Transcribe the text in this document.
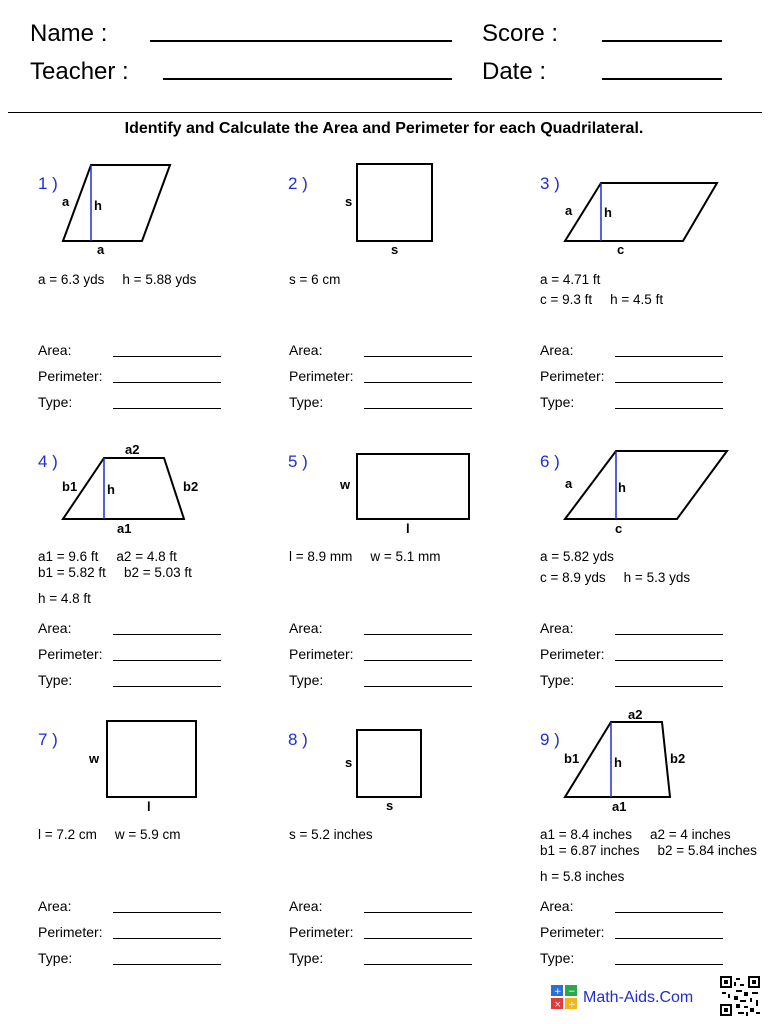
Name :
Teacher :
Score :
Date :
Identify and Calculate the Area and Perimeter for each Quadrilateral.
1 )
a h
a
a = 6.3 yds h = 5.88 yds
2 )
s
s
s = 6 cm
3 )
a h
c
a = 4.71 ft
c = 9.3 ft h = 4.5 ft
4 )
a2
b1 h	b2
a1
a1 = 9.6 ft a2 = 4.8 ft
b1 = 5.82 ft b2 = 5.03 ft
h = 4.8 ft
5 )
w
l
l = 8.9 mm w = 5.1 mm
6 )
a	h
c
a = 5.82 yds
c = 8.9 yds h = 5.3 yds
7 )
w
l
l = 7.2 cm w = 5.9 cm
8 )
s
s
s = 5.2 inches
9 )
a2
b1	h	b2
a1
a1 = 8.4 inches a2 = 4 inches
b1 = 6.87 inches b2 = 5.84 inches
h = 5.8 inches
Area:
Perimeter:
Type:
Area:
Perimeter:
Type:
Area:
Perimeter:
Type:
Area:
Perimeter:
Type:
Area:
Perimeter:
Type:
Area:
Perimeter:
Type:
Area:
Perimeter:
Type:
Area:
Perimeter:
Type:
Area:
Perimeter:
Type:
+ −
× ÷ Math-Aids.Com
